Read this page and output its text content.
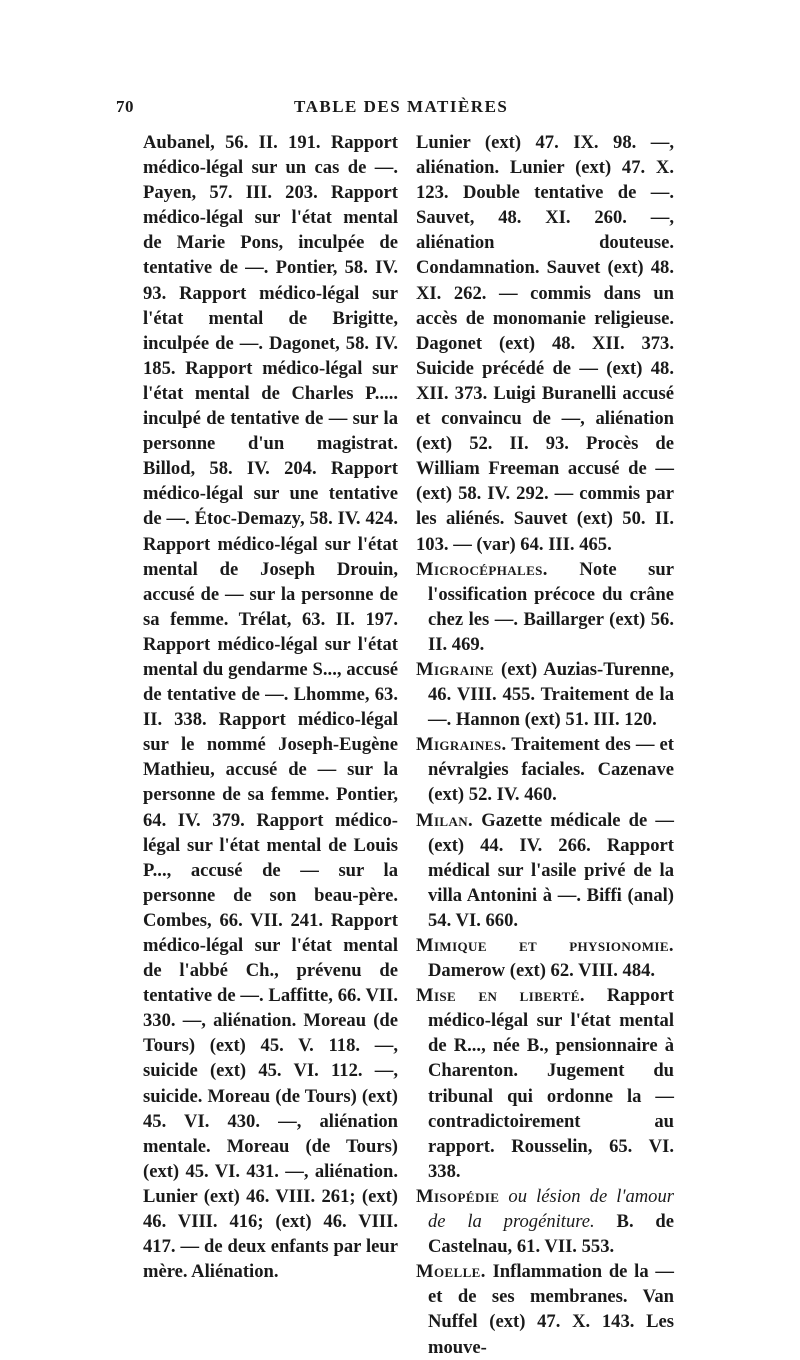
70	TABLE DES MATIÈRES

Aubanel, 56. II. 191. Rapport médico-légal sur un cas de —. Payen, 57. III. 203. Rapport médico-légal sur l'état mental de Marie Pons, inculpée de tentative de —. Pontier, 58. IV. 93. Rapport médico-légal sur l'état mental de Brigitte, inculpée de —. Dagonet, 58. IV. 185. Rapport médico-légal sur l'état mental de Charles P..... inculpé de tentative de — sur la personne d'un magistrat. Billod, 58. IV. 204. Rapport médico-légal sur une tentative de —. Étoc-Demazy, 58. IV. 424. Rapport médico-légal sur l'état mental de Joseph Drouin, accusé de — sur la personne de sa femme. Trélat, 63. II. 197. Rapport médico-légal sur l'état mental du gendarme S..., accusé de tentative de —. Lhomme, 63. II. 338. Rapport médico-légal sur le nommé Joseph-Eugène Mathieu, accusé de — sur la personne de sa femme. Pontier, 64. IV. 379. Rapport médico-légal sur l'état mental de Louis P..., accusé de — sur la personne de son beau-père. Combes, 66. VII. 241. Rapport médico-légal sur l'état mental de l'abbé Ch., prévenu de tentative de —. Laffitte, 66. VII. 330. —, aliénation. Moreau (de Tours) (ext) 45. V. 118. —, suicide (ext) 45. VI. 112. —, suicide. Moreau (de Tours) (ext) 45. VI. 430. —, aliénation mentale. Moreau (de Tours) (ext) 45. VI. 431. —, aliénation. Lunier (ext) 46. VIII. 261; (ext) 46. VIII. 416; (ext) 46. VIII. 417. — de deux enfants par leur mère. Aliénation.

Lunier (ext) 47. IX. 98. —, aliénation. Lunier (ext) 47. X. 123. Double tentative de —. Sauvet, 48. XI. 260. —, aliénation douteuse. Condamnation. Sauvet (ext) 48. XI. 262. — commis dans un accès de monomanie religieuse. Dagonet (ext) 48. XII. 373. Suicide précédé de — (ext) 48. XII. 373. Luigi Buranelli accusé et convaincu de —, aliénation (ext) 52. II. 93. Procès de William Freeman accusé de — (ext) 58. IV. 292. — commis par les aliénés. Sauvet (ext) 50. II. 103. — (var) 64. III. 465.

Microcéphales. Note sur l'ossification précoce du crâne chez les —. Baillarger (ext) 56. II. 469.

Migraine (ext) Auzias-Turenne, 46. VIII. 455. Traitement de la —. Hannon (ext) 51. III. 120.

Migraines. Traitement des — et névralgies faciales. Cazenave (ext) 52. IV. 460.

Milan. Gazette médicale de — (ext) 44. IV. 266. Rapport médical sur l'asile privé de la villa Antonini à —. Biffi (anal) 54. VI. 660.

Mimique et physionomie. Damerow (ext) 62. VIII. 484.

Mise en liberté. Rapport médico-légal sur l'état mental de R..., née B., pensionnaire à Charenton. Jugement du tribunal qui ordonne la — contradictoirement au rapport. Rousselin, 65. VI. 338.

Misopédie ou lésion de l'amour de la progéniture. B. de Castelnau, 61. VII. 553.

Moelle. Inflammation de la — et de ses membranes. Van Nuffel (ext) 47. X. 143. Les mouve-
